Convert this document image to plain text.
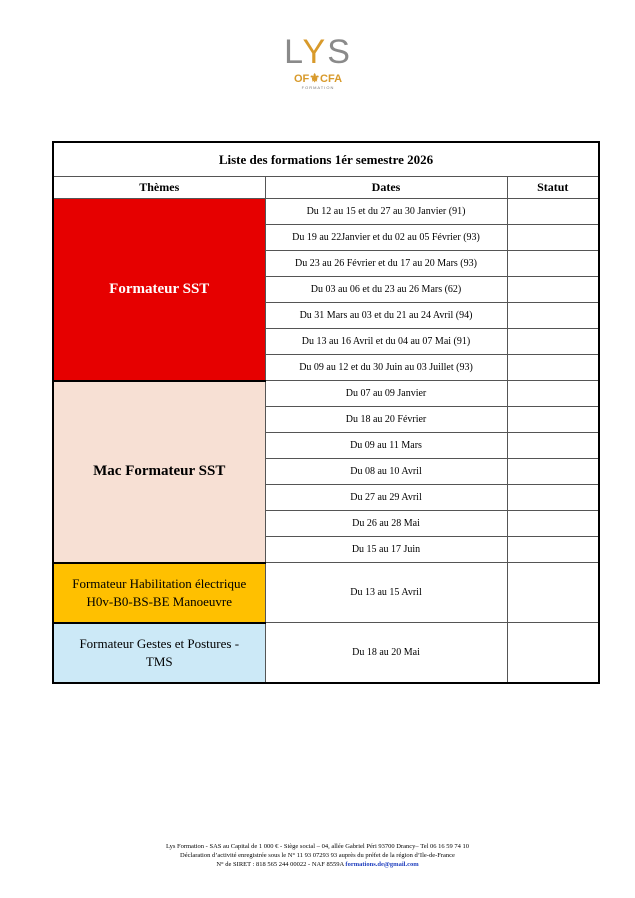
LYS
OF⚜CFA
FORMATION
Liste des formations 1ér semestre 2026		
Thèmes	Dates	Statut
Formateur SST	Du 12 au 15 et du 27 au 30 Janvier (91)	
	Du 19 au 22Janvier et du 02 au 05 Février (93)	
	Du 23 au 26 Février et du 17 au 20 Mars (93)	
	Du 03 au 06 et du 23 au 26 Mars (62)	
	Du 31 Mars au 03 et du 21 au 24 Avril (94)	
	Du 13 au 16 Avril et du 04 au 07 Mai (91)	
	Du 09 au 12 et du 30 Juin au 03 Juillet (93)	
Mac Formateur SST	Du 07 au 09 Janvier	
	Du 18 au 20 Février	
	Du 09 au 11 Mars	
	Du 08 au 10 Avril	
	Du 27 au 29 Avril	
	Du 26 au 28 Mai	
	Du 15 au 17 Juin	
Formateur Habilitation électrique
H0v-B0-BS-BE Manoeuvre	Du 13 au 15 Avril	
Formateur Gestes et Postures -
TMS	Du 18 au 20 Mai	
Lys Formation - SAS au Capital de 1 000 € - Siège social – 04, allée Gabriel Péri 93700 Drancy– Tel 06 16 59 74 10
Déclaration d’activité enregistrée sous le N° 11 93 07293 93 auprès du préfet de la région d’Ile-de-France
N° de SIRET : 818 565 244 00022 - NAF 8559A formations.de@gmail.com
